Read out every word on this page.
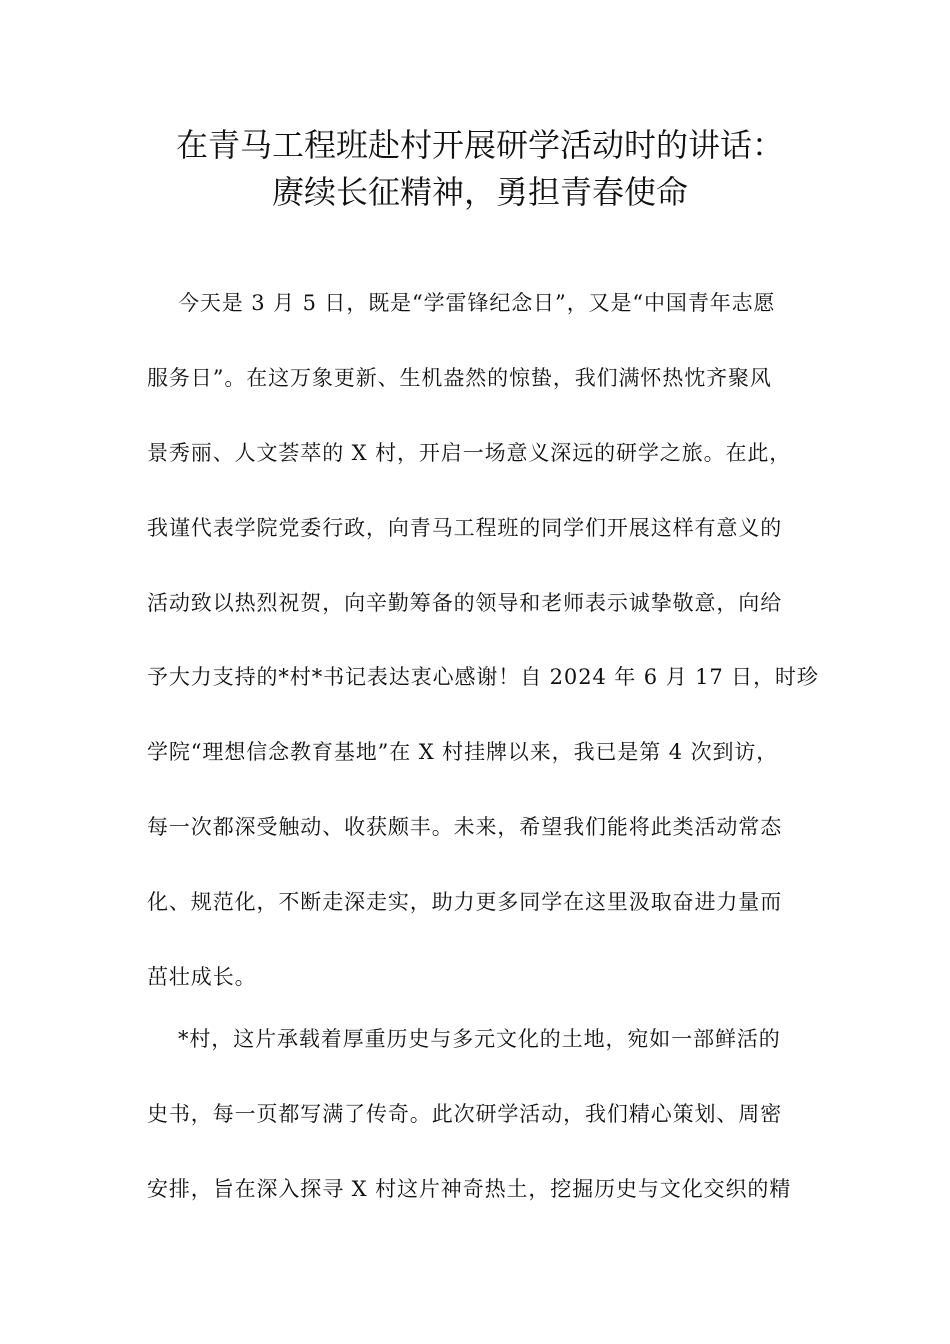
在青马工程班赴村开展研学活动时的讲话：
赓续长征精神，勇担青春使命
今天是 3 月 5 日，既是“学雷锋纪念日”，又是“中国青年志愿
服务日”。在这万象更新、生机盎然的惊蛰，我们满怀热忱齐聚风
景秀丽、人文荟萃的 X 村，开启一场意义深远的研学之旅。在此，
我谨代表学院党委行政，向青马工程班的同学们开展这样有意义的
活动致以热烈祝贺，向辛勤筹备的领导和老师表示诚挚敬意，向给
予大力支持的*村*书记表达衷心感谢！自 2024 年 6 月 17 日，时珍
学院“理想信念教育基地”在 X 村挂牌以来，我已是第 4 次到访，
每一次都深受触动、收获颇丰。未来，希望我们能将此类活动常态
化、规范化，不断走深走实，助力更多同学在这里汲取奋进力量而
茁壮成长。
*村，这片承载着厚重历史与多元文化的土地，宛如一部鲜活的
史书，每一页都写满了传奇。此次研学活动，我们精心策划、周密
安排，旨在深入探寻 X 村这片神奇热土，挖掘历史与文化交织的精
